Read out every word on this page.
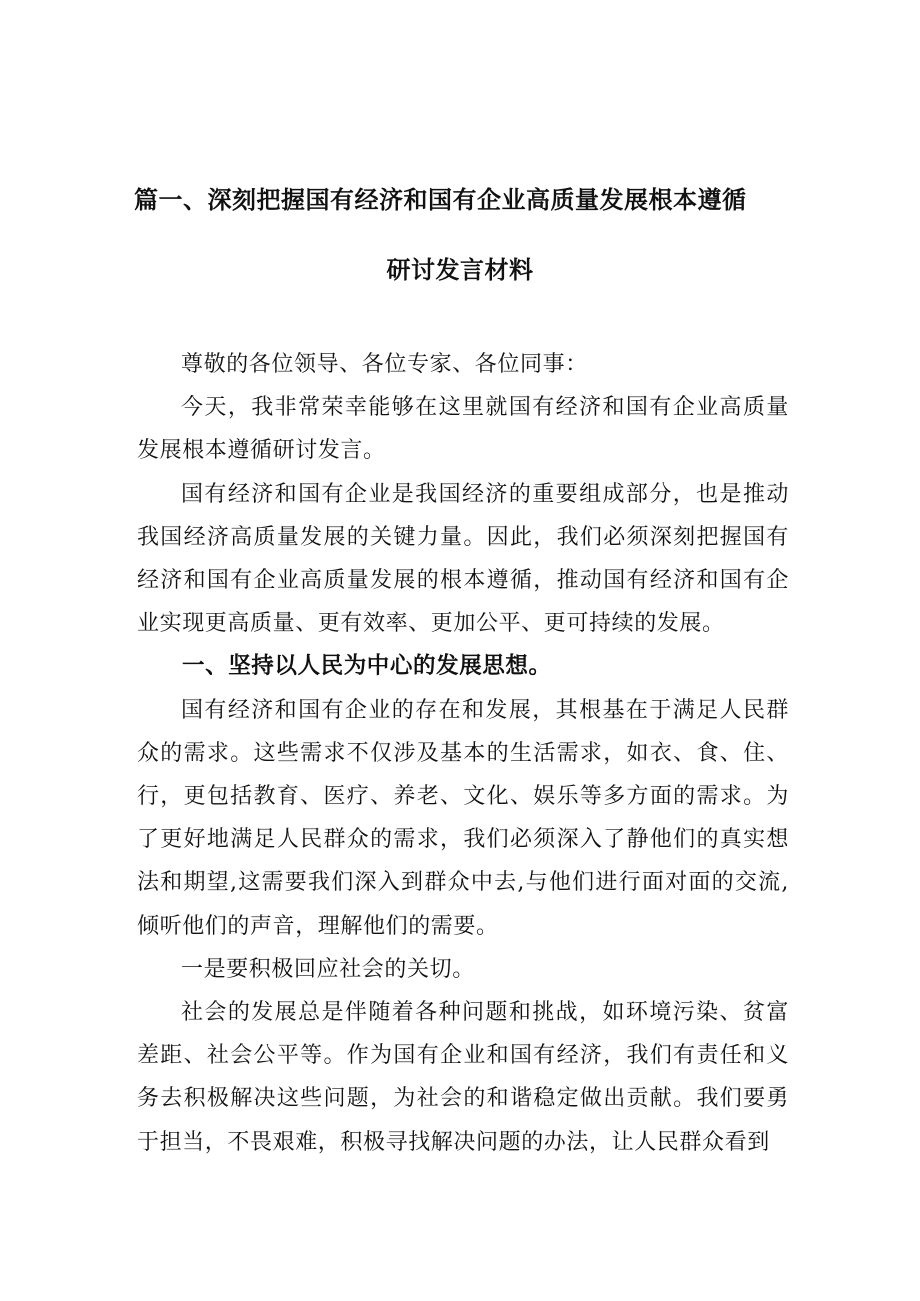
篇一、深刻把握国有经济和国有企业高质量发展根本遵循
研讨发言材料

尊敬的各位领导、各位专家、各位同事：

今天，我非常荣幸能够在这里就国有经济和国有企业高质量发展根本遵循研讨发言。

国有经济和国有企业是我国经济的重要组成部分，也是推动我国经济高质量发展的关键力量。因此，我们必须深刻把握国有经济和国有企业高质量发展的根本遵循，推动国有经济和国有企业实现更高质量、更有效率、更加公平、更可持续的发展。

一、坚持以人民为中心的发展思想。

国有经济和国有企业的存在和发展，其根基在于满足人民群众的需求。这些需求不仅涉及基本的生活需求，如衣、食、住、行，更包括教育、医疗、养老、文化、娱乐等多方面的需求。为了更好地满足人民群众的需求，我们必须深入了静他们的真实想法和期望,这需要我们深入到群众中去,与他们进行面对面的交流,倾听他们的声音，理解他们的需要。

一是要积极回应社会的关切。

社会的发展总是伴随着各种问题和挑战，如环境污染、贫富差距、社会公平等。作为国有企业和国有经济，我们有责任和义务去积极解决这些问题，为社会的和谐稳定做出贡献。我们要勇于担当，不畏艰难，积极寻找解决问题的办法，让人民群众看到
